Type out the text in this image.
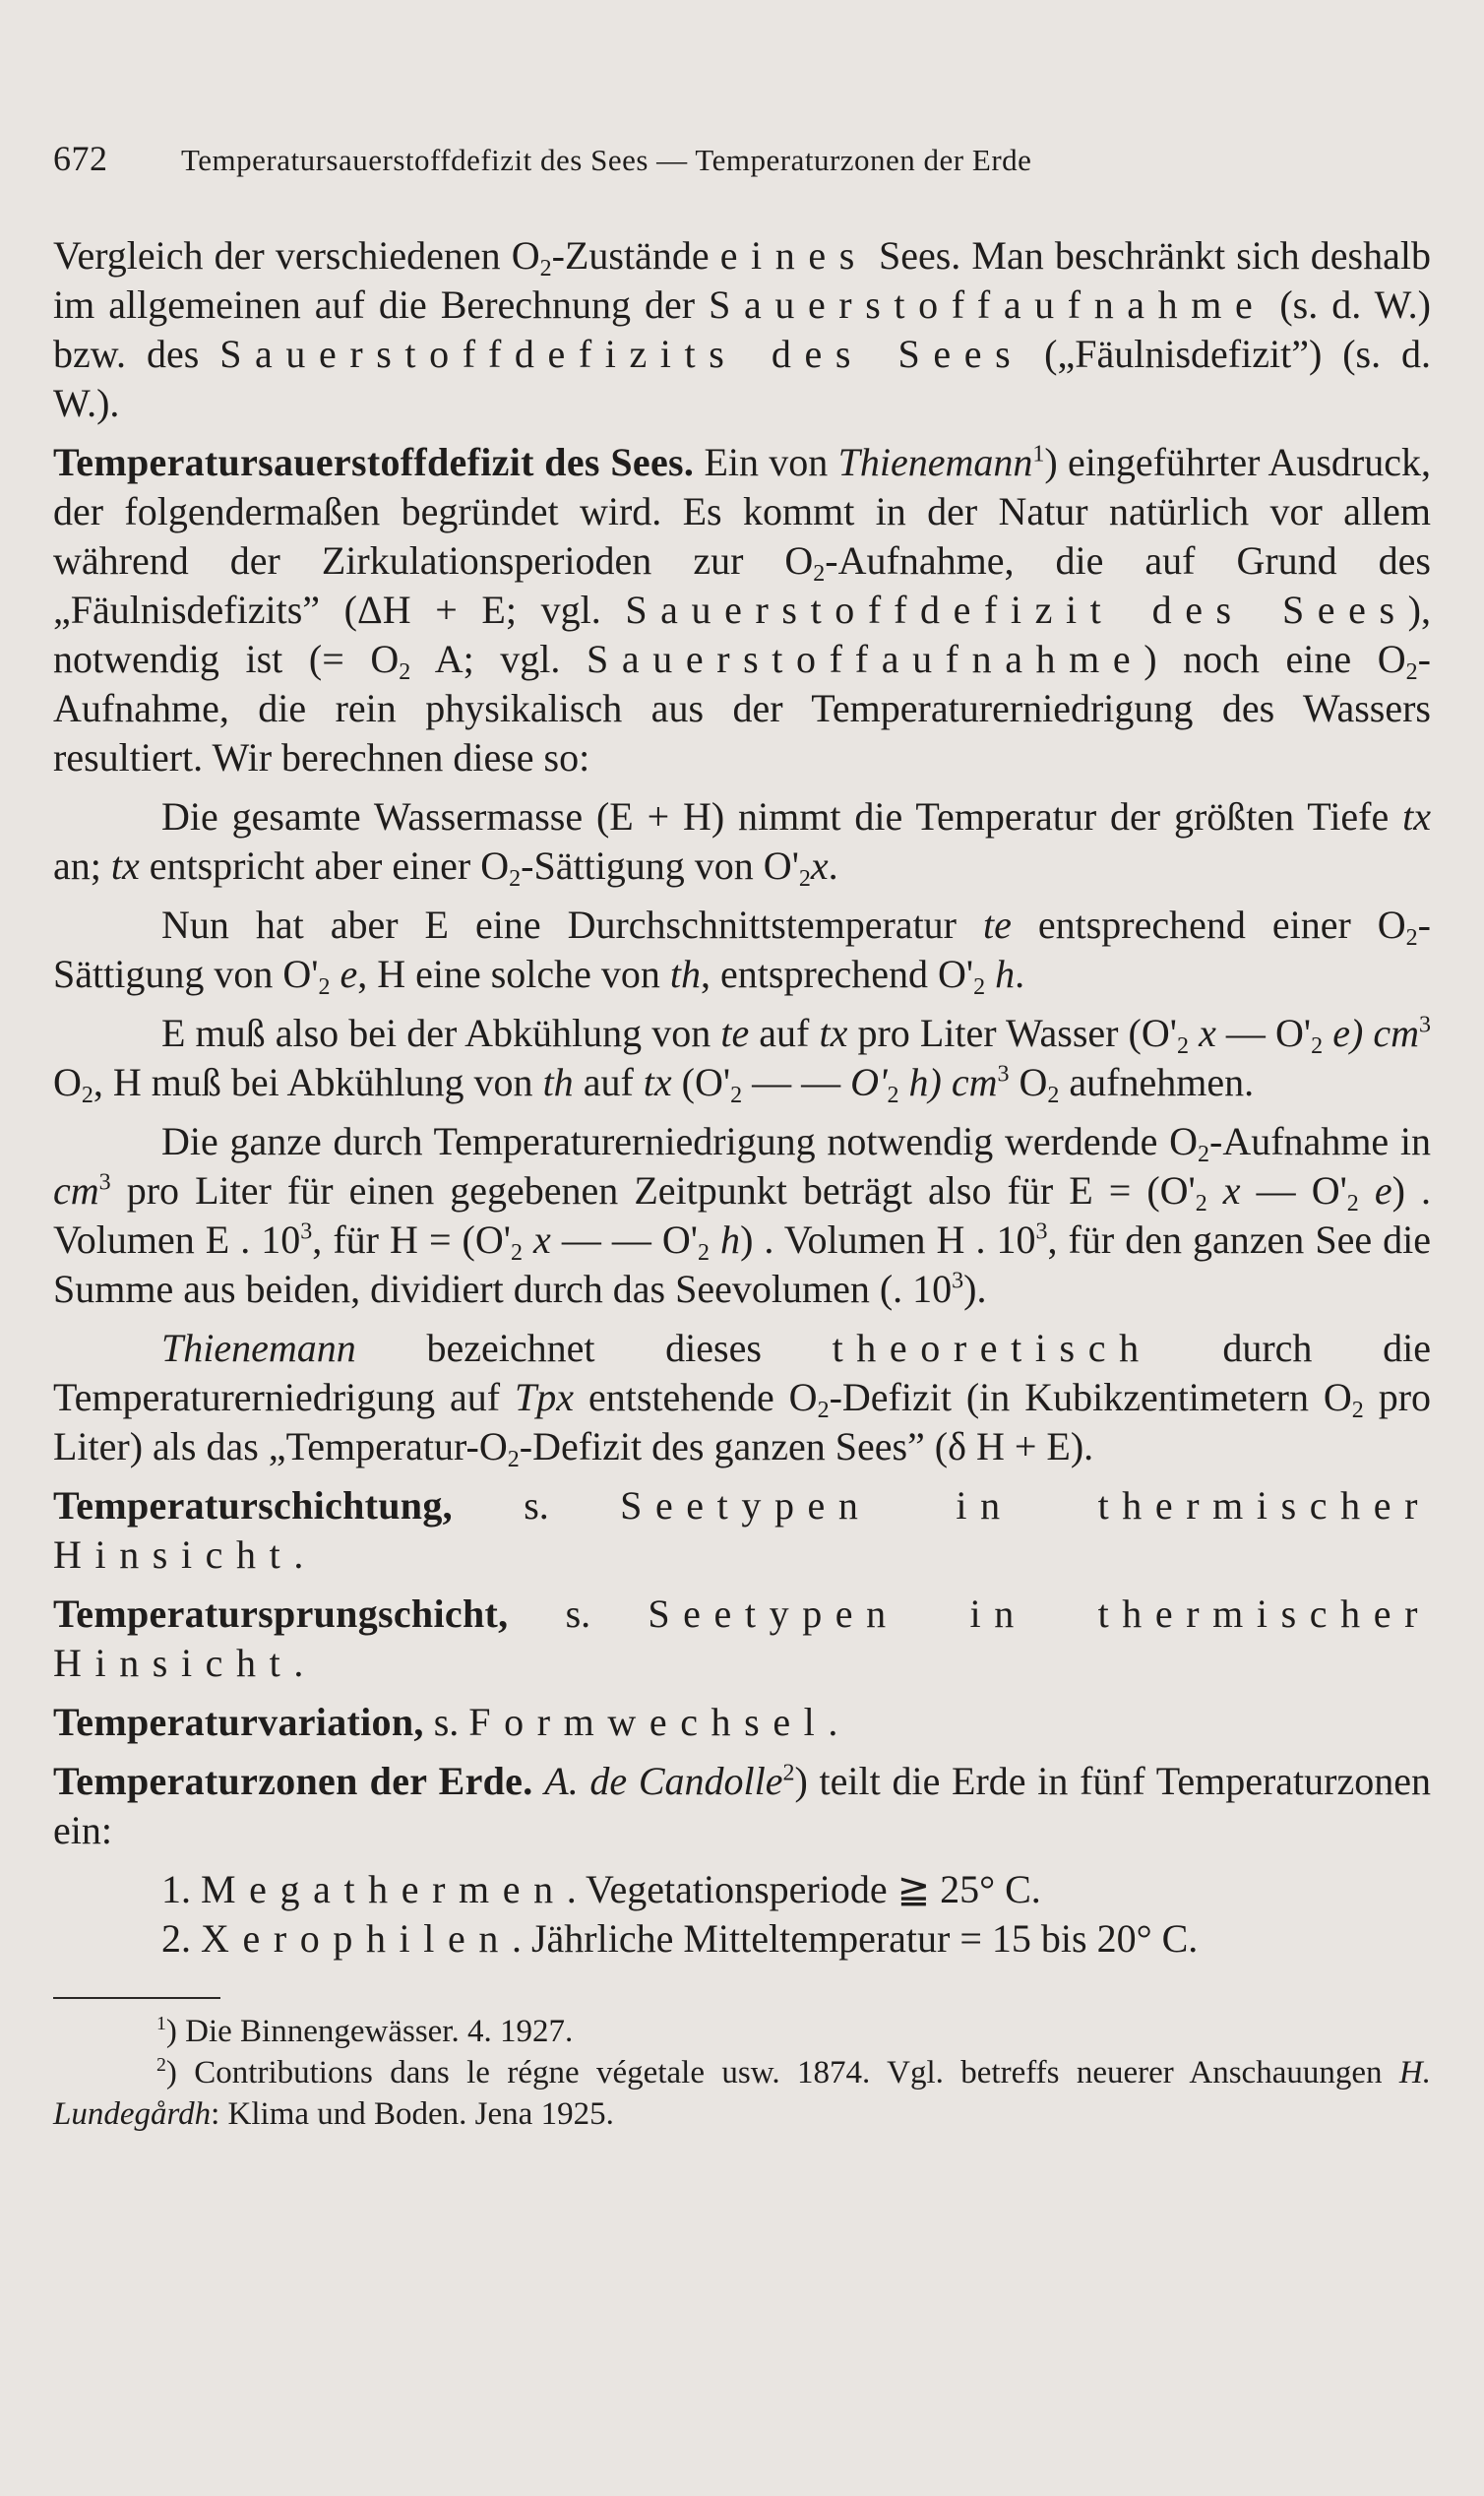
672 Temperatursauerstoffdefizit des Sees — Temperaturzonen der Erde

Vergleich der verschiedenen $O_2$-Zustände eines Sees. Man beschränkt sich deshalb im allgemeinen auf die Berechnung der Sauerstoffaufnahme (s. d. W.) bzw. des Sauerstoffdefizits des Sees („Fäulnisdefizit”) (s. d. W.).

Temperatursauerstoffdefizit des Sees. Ein von Thienemann$^1$) eingeführter Ausdruck, der folgendermaßen begründet wird. Es kommt in der Natur natürlich vor allem während der Zirkulationsperioden zur $O_2$-Aufnahme, die auf Grund des „Fäulnisdefizits” (ΔH + E; vgl. Sauerstoffdefizit des Sees), notwendig ist (= $O_2$ A; vgl. Sauerstoffaufnahme) noch eine $O_2$-Aufnahme, die rein physikalisch aus der Temperaturerniedrigung des Wassers resultiert. Wir berechnen diese so:

Die gesamte Wassermasse (E + H) nimmt die Temperatur der größten Tiefe tx an; tx entspricht aber einer $O_2$-Sättigung von $O'_2x$.

Nun hat aber E eine Durchschnittstemperatur te entsprechend einer $O_2$-Sättigung von $O'_2$ e, H eine solche von th, entsprechend $O'_2$ h.

E muß also bei der Abkühlung von te auf tx pro Liter Wasser ($O'_2$ x — $O'_2$ e) $cm^3$ $O_2$, H muß bei Abkühlung von th auf tx ($O'_2$ — — $O'_2$ h) $cm^3$ $O_2$ aufnehmen.

Die ganze durch Temperaturerniedrigung notwendig werdende $O_2$-Aufnahme in $cm^3$ pro Liter für einen gegebenen Zeitpunkt beträgt also für $E = (O'_2$ x — $O'_2$ e) . Volumen E . $10^3$, für $H = (O'_2$ x — — $O'_2$ h) . Volumen H . $10^3$, für den ganzen See die Summe aus beiden, dividiert durch das Seevolumen (. $10^3$).

Thienemann bezeichnet dieses theoretisch durch die Temperaturerniedrigung auf Tpx entstehende $O_2$-Defizit (in Kubikzentimetern $O_2$ pro Liter) als das $„Temperatur-O_2$-Defizit des ganzen Sees” (δ H + E).

Temperaturschichtung, s. Seetypen in thermischer Hinsicht.

Temperatursprungschicht, s. Seetypen in thermischer Hinsicht.

Temperaturvariation, s. Formwechsel.

Temperaturzonen der Erde. A. de Candolle$^2$) teilt die Erde in fünf Temperaturzonen ein:

1. Megathermen. Vegetationsperiode ≧ 25° C.

2. Xerophilen. Jährliche Mitteltemperatur = 15 bis 20° C.

$^1$) Die Binnengewässer. 4. 1927.

$^2$) Contributions dans le régne végetale usw. 1874. Vgl. betreffs neuerer Anschauungen H. Lundegårdh: Klima und Boden. Jena 1925.
